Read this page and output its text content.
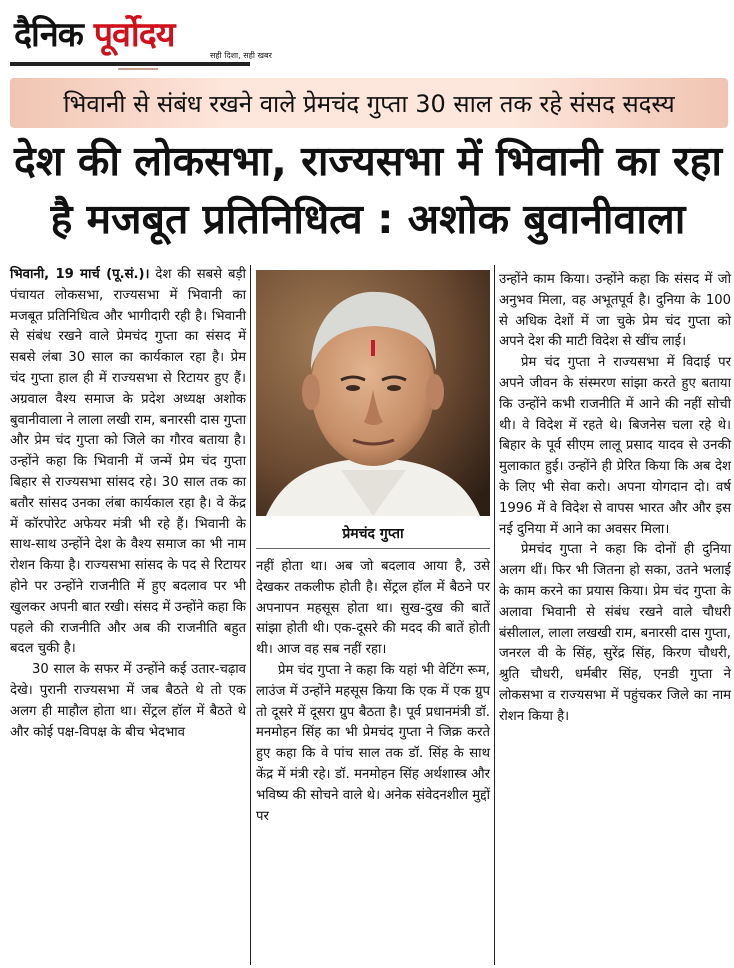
दैनिक पूर्वोदय
सही दिशा, सही खबर
भिवानी से संबंध रखने वाले प्रेमचंद गुप्ता 30 साल तक रहे संसद सदस्य
देश की लोकसभा, राज्यसभा में भिवानी का रहा
है मजबूत प्रतिनिधित्व : अशोक बुवानीवाला

भिवानी, 19 मार्च (पू.सं.)। देश की सबसे बड़ी पंचायत लोकसभा, राज्यसभा में भिवानी का मजबूत प्रतिनिधित्व और भागीदारी रही है। भिवानी से संबंध रखने वाले प्रेमचंद गुप्ता का संसद में सबसे लंबा 30 साल का कार्यकाल रहा है। प्रेम चंद गुप्ता हाल ही में राज्यसभा से रिटायर हुए हैं। अग्रवाल वैश्य समाज के प्रदेश अध्यक्ष अशोक बुवानीवाला ने लाला लखी राम, बनारसी दास गुप्ता और प्रेम चंद गुप्ता को जिले का गौरव बताया है। उन्होंने कहा कि भिवानी में जन्में प्रेम चंद गुप्ता बिहार से राज्यसभा सांसद रहे। 30 साल तक का बतौर सांसद उनका लंबा कार्यकाल रहा है। वे केंद्र में कॉरपोरेट अफेयर मंत्री भी रहे हैं। भिवानी के साथ-साथ उन्होंने देश के वैश्य समाज का भी नाम रोशन किया है। राज्यसभा सांसद के पद से रिटायर होने पर उन्होंने राजनीति में हुए बदलाव पर भी खुलकर अपनी बात रखी। संसद में उन्होंने कहा कि पहले की राजनीति और अब की राजनीति बहुत बदल चुकी है।

30 साल के सफर में उन्होंने कई उतार-चढ़ाव देखे। पुरानी राज्यसभा में जब बैठते थे तो एक अलग ही माहौल होता था। सेंट्रल हॉल में बैठते थे और कोई पक्ष-विपक्ष के बीच भेदभाव

प्रेमचंद गुप्ता

नहीं होता था। अब जो बदलाव आया है, उसे देखकर तकलीफ होती है। सेंट्रल हॉल में बैठने पर अपनापन महसूस होता था। सुख-दुख की बातें सांझा होती थी। एक-दूसरे की मदद की बातें होती थी। आज वह सब नहीं रहा।

प्रेम चंद गुप्ता ने कहा कि यहां भी वेटिंग रूम, लाउंज में उन्होंने महसूस किया कि एक में एक ग्रुप तो दूसरे में दूसरा ग्रुप बैठता है। पूर्व प्रधानमंत्री डॉ. मनमोहन सिंह का भी प्रेमचंद गुप्ता ने जिक्र करते हुए कहा कि वे पांच साल तक डॉ. सिंह के साथ केंद्र में मंत्री रहे। डॉ. मनमोहन सिंह अर्थशास्त्र और भविष्य की सोचने वाले थे। अनेक संवेदनशील मुद्दों पर

उन्होंने काम किया। उन्होंने कहा कि संसद में जो अनुभव मिला, वह अभूतपूर्व है। दुनिया के 100 से अधिक देशों में जा चुके प्रेम चंद गुप्ता को अपने देश की माटी विदेश से खींच लाई।

प्रेम चंद गुप्ता ने राज्यसभा में विदाई पर अपने जीवन के संस्मरण सांझा करते हुए बताया कि उन्होंने कभी राजनीति में आने की नहीं सोची थी। वे विदेश में रहते थे। बिजनेस चला रहे थे। बिहार के पूर्व सीएम लालू प्रसाद यादव से उनकी मुलाकात हुई। उन्होंने ही प्रेरित किया कि अब देश के लिए भी सेवा करो। अपना योगदान दो। वर्ष 1996 में वे विदेश से वापस भारत और और इस नई दुनिया में आने का अवसर मिला।

प्रेमचंद गुप्ता ने कहा कि दोनों ही दुनिया अलग थीं। फिर भी जितना हो सका, उतने भलाई के काम करने का प्रयास किया। प्रेम चंद गुप्ता के अलावा भिवानी से संबंध रखने वाले चौधरी बंसीलाल, लाला लखखी राम, बनारसी दास गुप्ता, जनरल वी के सिंह, सुरेंद्र सिंह, किरण चौधरी, श्रुति चौधरी, धर्मबीर सिंह, एनडी गुप्ता ने लोकसभा व राज्यसभा में पहुंचकर जिले का नाम रोशन किया है।
